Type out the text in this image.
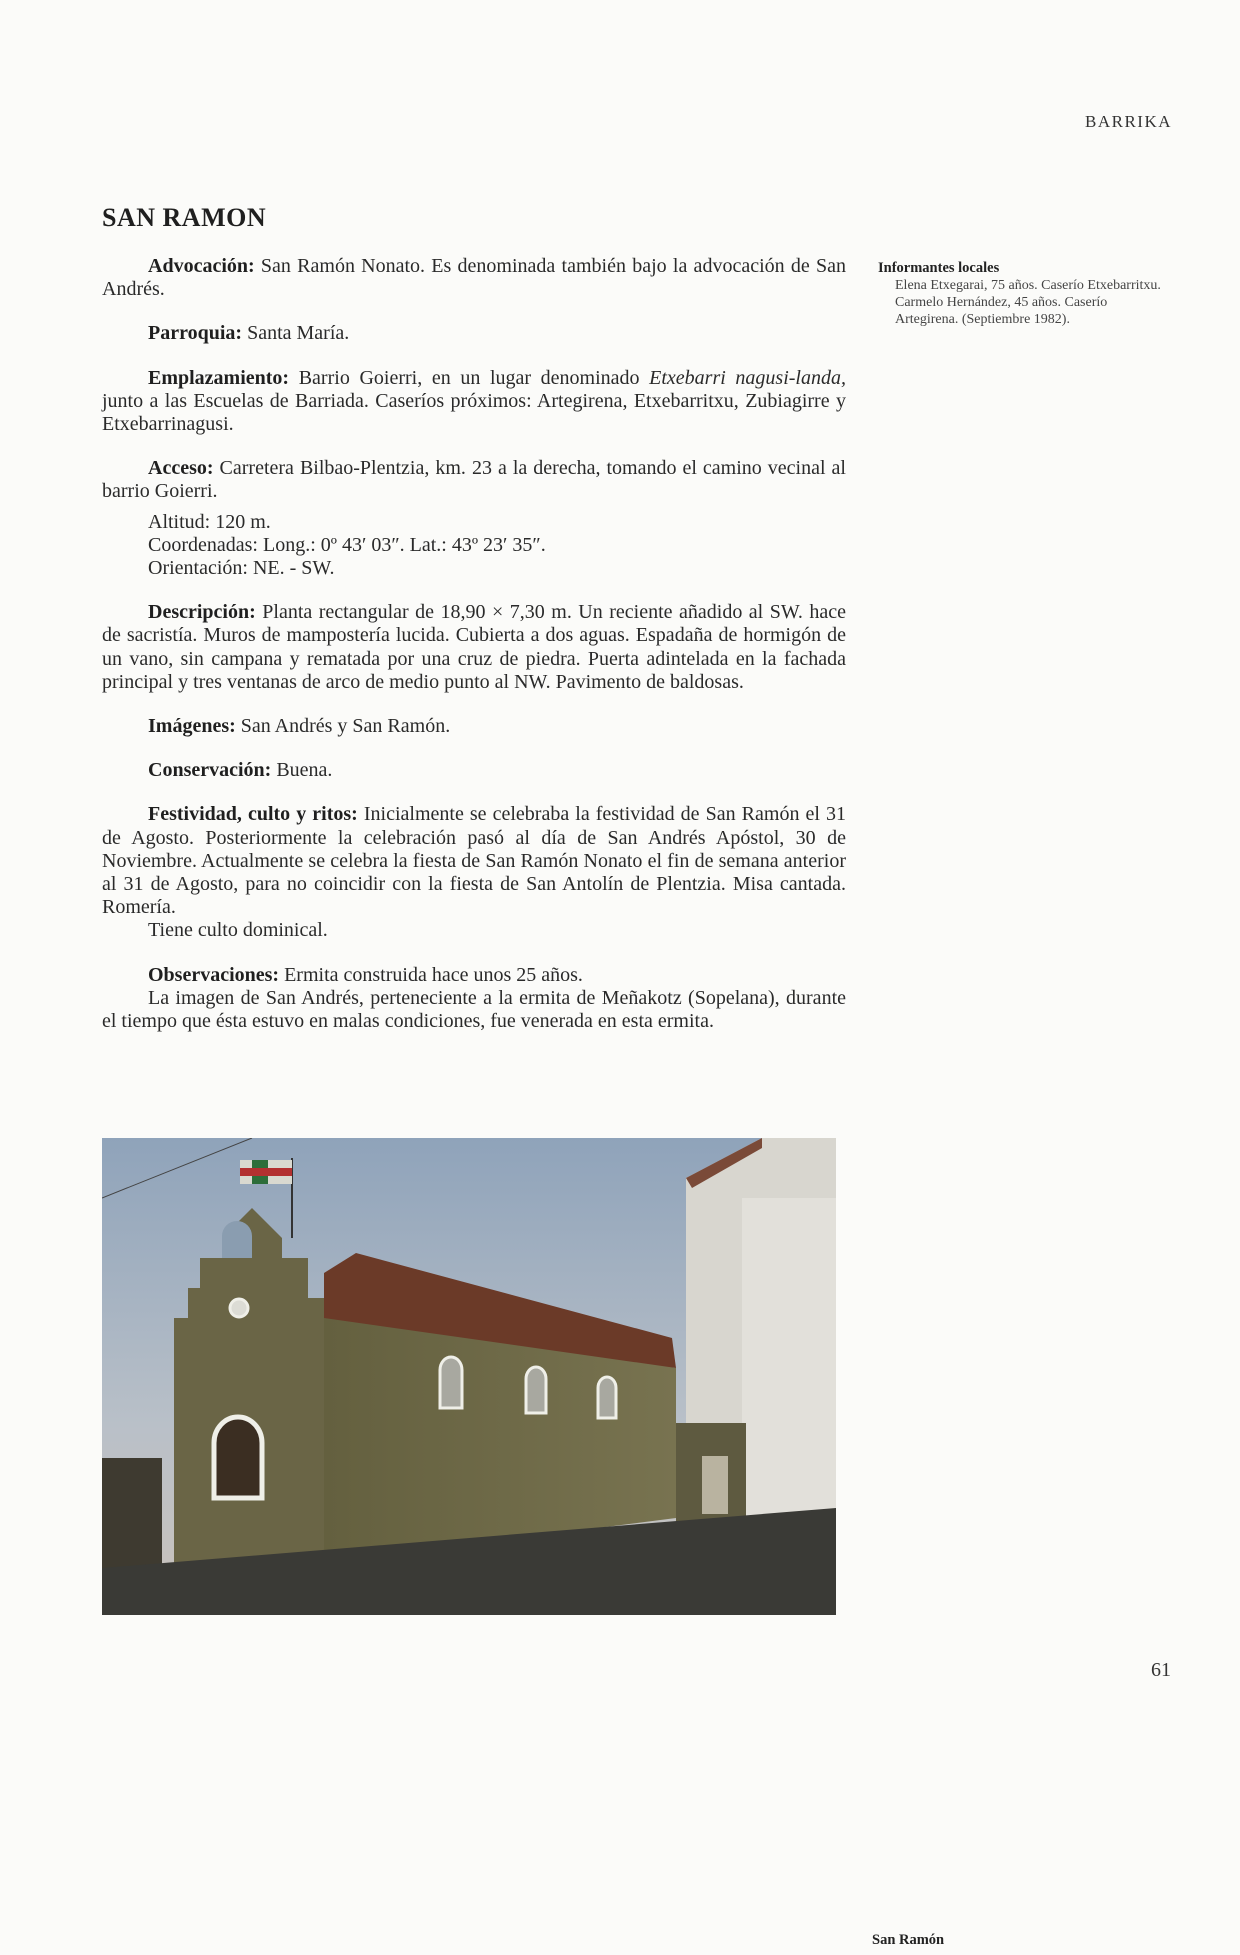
BARRIKA
SAN RAMON

Advocación: San Ramón Nonato. Es denominada también bajo la advocación de San Andrés.

Parroquia: Santa María.

Emplazamiento: Barrio Goierri, en un lugar denominado Etxebarri nagusi-landa, junto a las Escuelas de Barriada. Caseríos próximos: Artegirena, Etxebarritxu, Zubiagirre y Etxebarrinagusi.

Acceso: Carretera Bilbao-Plentzia, km. 23 a la derecha, tomando el camino vecinal al barrio Goierri.

Altitud: 120 m.

Coordenadas: Long.: 0º 43′ 03″. Lat.: 43º 23′ 35″.

Orientación: NE. - SW.

Descripción: Planta rectangular de 18,90 × 7,30 m. Un reciente añadido al SW. hace de sacristía. Muros de mampostería lucida. Cubierta a dos aguas. Espadaña de hormigón de un vano, sin campana y rematada por una cruz de piedra. Puerta adintelada en la fachada principal y tres ventanas de arco de medio punto al NW. Pavimento de baldosas.

Imágenes: San Andrés y San Ramón.

Conservación: Buena.

Festividad, culto y ritos: Inicialmente se celebraba la festividad de San Ramón el 31 de Agosto. Posteriormente la celebración pasó al día de San Andrés Apóstol, 30 de Noviembre. Actualmente se celebra la fiesta de San Ramón Nonato el fin de semana anterior al 31 de Agosto, para no coincidir con la fiesta de San Antolín de Plentzia. Misa cantada. Romería.

Tiene culto dominical.

Observaciones: Ermita construida hace unos 25 años.

La imagen de San Andrés, perteneciente a la ermita de Meñakotz (Sopelana), durante el tiempo que ésta estuvo en malas condiciones, fue venerada en esta ermita.

Informantes locales
Elena Etxegarai, 75 años. Caserío Etxebarritxu. Carmelo Hernández, 45 años. Caserío Artegirena. (Septiembre 1982).
San Ramón
61
